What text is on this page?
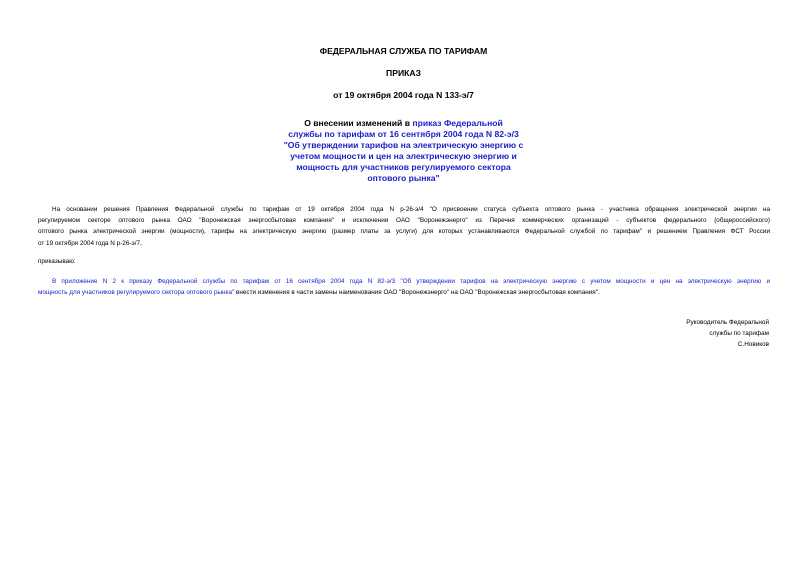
ФЕДЕРАЛЬНАЯ СЛУЖБА ПО ТАРИФАМ
ПРИКАЗ
от 19 октября 2004 года N 133-э/7
О внесении изменений в приказ Федеральной
службы по тарифам от 16 сентября 2004 года N 82-э/3
"Об утверждении тарифов на электрическую энергию с
учетом мощности и цен на электрическую энергию и
мощность для участников регулируемого сектора
оптового рынка"
На основании решения Правления Федеральной службы по тарифам от 19 октября 2004 года N р-26-э/4 "О присвоении статуса субъекта оптового рынка - участника обращения электрической энергии на
регулируемом секторе оптового рынка ОАО "Воронежская энергосбытовая компания" и исключении ОАО "Воронежэнерго" из Перечня коммерческих организаций - субъектов федерального (общероссийского)
оптового рынка электрической энергии (мощности), тарифы на электрическую энергию (размер платы за услуги) для которых устанавливаются Федеральной службой по тарифам" и решением Правления ФСТ России
от 19 октября 2004 года N р-26-э/7,
приказываю:
В приложение N 2 к приказу Федеральной службы по тарифам от 16 сентября 2004 года N 82-э/3 "Об утверждении тарифов на электрическую энергию с учетом мощности и цен на электрическую энергию и
мощность для участников регулируемого сектора оптового рынка" внести изменения в части замены наименования ОАО "Воронежэнерго" на ОАО "Воронежская энергосбытовая компания".
Руководитель Федеральной
службы по тарифам
С.Новиков
